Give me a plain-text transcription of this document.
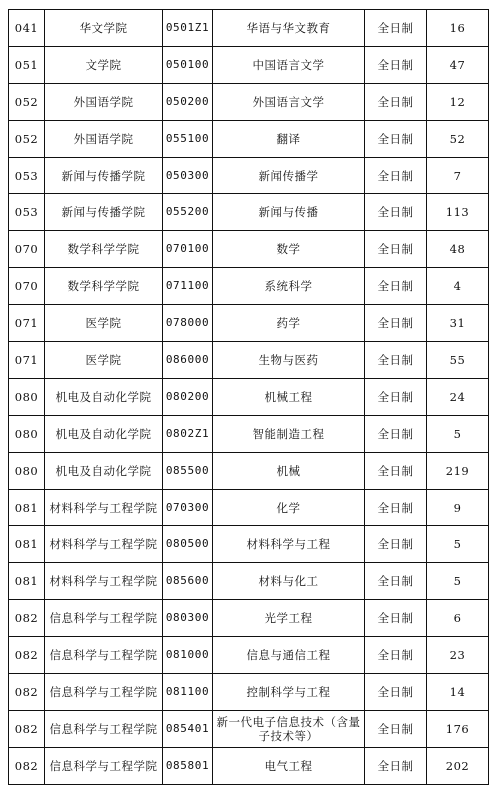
041	华文学院	0501Z1	华语与华文教育	全日制	16
051	文学院	050100	中国语言文学	全日制	47
052	外国语学院	050200	外国语言文学	全日制	12
052	外国语学院	055100	翻译	全日制	52
053	新闻与传播学院	050300	新闻传播学	全日制	7
053	新闻与传播学院	055200	新闻与传播	全日制	113
070	数学科学学院	070100	数学	全日制	48
070	数学科学学院	071100	系统科学	全日制	4
071	医学院	078000	药学	全日制	31
071	医学院	086000	生物与医药	全日制	55
080	机电及自动化学院	080200	机械工程	全日制	24
080	机电及自动化学院	0802Z1	智能制造工程	全日制	5
080	机电及自动化学院	085500	机械	全日制	219
081	材料科学与工程学院	070300	化学	全日制	9
081	材料科学与工程学院	080500	材料科学与工程	全日制	5
081	材料科学与工程学院	085600	材料与化工	全日制	5
082	信息科学与工程学院	080300	光学工程	全日制	6
082	信息科学与工程学院	081000	信息与通信工程	全日制	23
082	信息科学与工程学院	081100	控制科学与工程	全日制	14
082	信息科学与工程学院	085401	新一代电子信息技术（含量子技术等）	全日制	176
082	信息科学与工程学院	085801	电气工程	全日制	202
